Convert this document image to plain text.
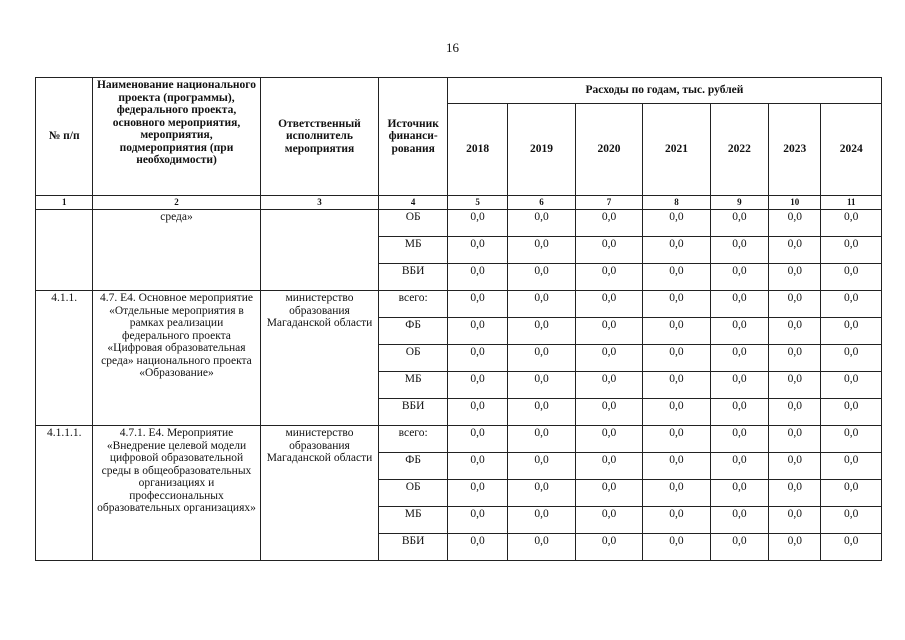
16
№ п/п	Наименование национального проекта (программы), федерального проекта, основного мероприятия, мероприятия, подмероприятия (при необходимости)	Ответственный исполнитель мероприятия	Источник финанси-рования	Расходы по годам, тыс. рублей						
				2018	2019	2020	2021	2022	2023	2024
1	2	3	4	5	6	7	8	9	10	11
	среда»		ОБ	0,0	0,0	0,0	0,0	0,0	0,0	0,0
			МБ	0,0	0,0	0,0	0,0	0,0	0,0	0,0
			ВБИ	0,0	0,0	0,0	0,0	0,0	0,0	0,0
4.1.1.	4.7. Е4. Основное мероприятие «Отдельные мероприятия в рамках реализации федерального проекта «Цифровая образовательная среда» национального проекта «Образование»	министерство образования Магаданской области	всего:	0,0	0,0	0,0	0,0	0,0	0,0	0,0
			ФБ	0,0	0,0	0,0	0,0	0,0	0,0	0,0
			ОБ	0,0	0,0	0,0	0,0	0,0	0,0	0,0
			МБ	0,0	0,0	0,0	0,0	0,0	0,0	0,0
			ВБИ	0,0	0,0	0,0	0,0	0,0	0,0	0,0
4.1.1.1.	4.7.1. Е4. Мероприятие «Внедрение целевой модели цифровой образовательной среды в общеобразовательных организациях и профессиональных образовательных организациях»	министерство образования Магаданской области	всего:	0,0	0,0	0,0	0,0	0,0	0,0	0,0
			ФБ	0,0	0,0	0,0	0,0	0,0	0,0	0,0
			ОБ	0,0	0,0	0,0	0,0	0,0	0,0	0,0
			МБ	0,0	0,0	0,0	0,0	0,0	0,0	0,0
			ВБИ	0,0	0,0	0,0	0,0	0,0	0,0	0,0
